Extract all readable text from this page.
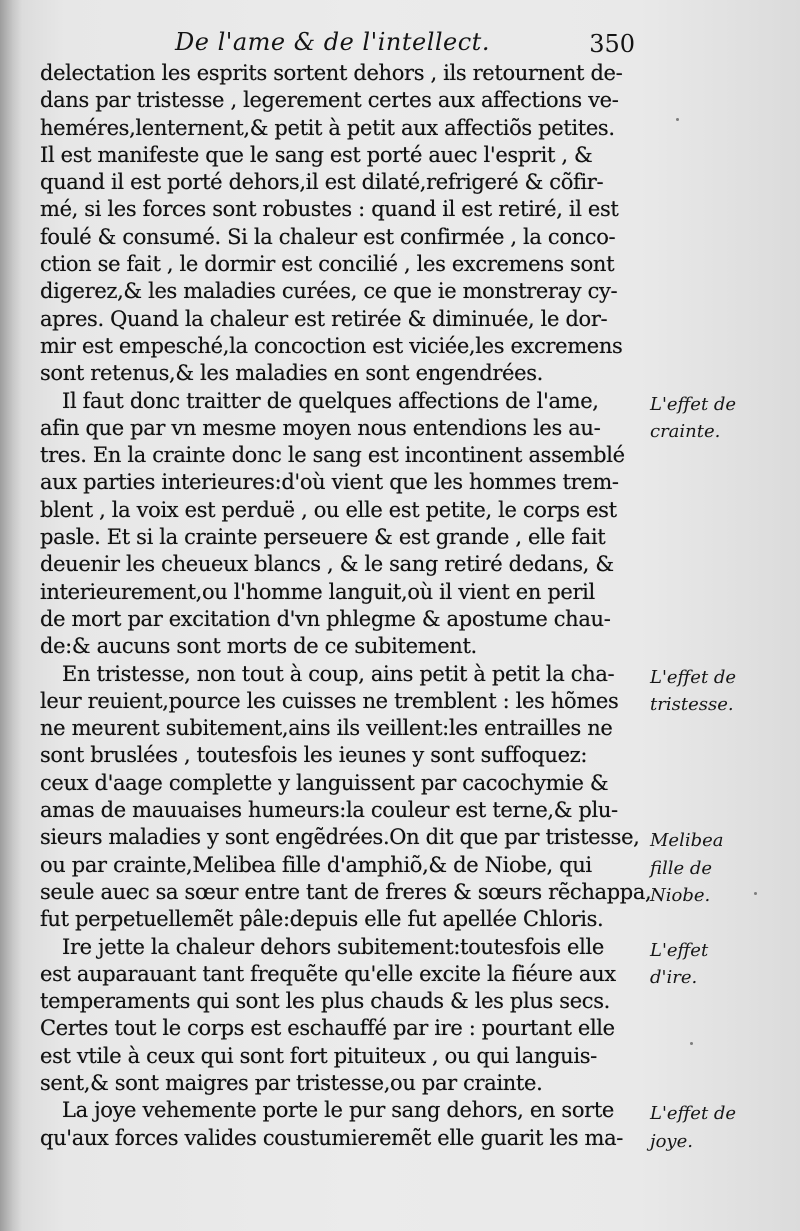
De l'ame & de l'intellect.	350
delectation les esprits sortent dehors , ils retournent de-
dans par tristesse , legerement certes aux affections ve-
heméres,lenternent,& petit à petit aux affectiõs petites.
Il est manifeste que le sang est porté auec l'esprit , &
quand il est porté dehors,il est dilaté,refrigeré & cõfir-
mé, si les forces sont robustes : quand il est retiré, il est
foulé & consumé. Si la chaleur est confirmée , la concо-
ction se fait , le dormir est concilié , les excremens sont
digerez,& les maladies curées, ce que ie monstreray cy-
apres. Quand la chaleur est retirée & diminuée, le dor-
mir est empesché,la concoction est viciée,les excremens
sont retenus,& les maladies en sont engendrées.
Il faut donc traitter de quelques affections de l'ame,
afin que par vn mesme moyen nous entendions les au-
tres. En la crainte donc le sang est incontinent assemblé
aux parties interieures:d'où vient que les hommes trem-
blent , la voix est perduë , ou elle est petite, le corps est
pasle. Et si la crainte perseuere & est grande , elle fait
deuenir les cheueux blancs , & le sang retiré dedans, &
interieurement,ou l'homme languit,où il vient en peril
de mort par excitation d'vn phlegme & apostume chau-
de:& aucuns sont morts de ce subitement.
En tristesse, non tout à coup, ains petit à petit la cha-
leur reuient,pource les cuisses ne tremblent : les hõmes
ne meurent subitement,ains ils veillent:les entrailles ne
sont bruslées , toutesfois les ieunes y sont suffoquez:
ceux d'aage complette y languissent par cacochymie &
amas de mauuaises humeurs:la couleur est terne,& plu-
sieurs maladies y sont engẽdrées.On dit que par tristesse,
ou par crainte,Melibea fille d'amphiõ,& de Niobe, qui
seule auec sa sœur entre tant de freres & sœurs rẽchappa,
fut perpetuellemẽt pâle:depuis elle fut apellée Chloris.
Ire jette la chaleur dehors subitement:toutesfois elle
est auparauant tant frequẽte qu'elle excite la fiéure aux
temperaments qui sont les plus chauds & les plus secs.
Certes tout le corps est eschauffé par ire : pourtant elle
est vtile à ceux qui sont fort pituiteux , ou qui languis-
sent,& sont maigres par tristesse,ou par crainte.
La joye vehemente porte le pur sang dehors, en sorte
qu'aux forces valides coustumieremẽt elle guarit les ma-
L'effet de
crainte.
L'effet de
tristesse.
Melibea
fille de
Niobe.
L'effet
d'ire.
L'effet de
joye.
